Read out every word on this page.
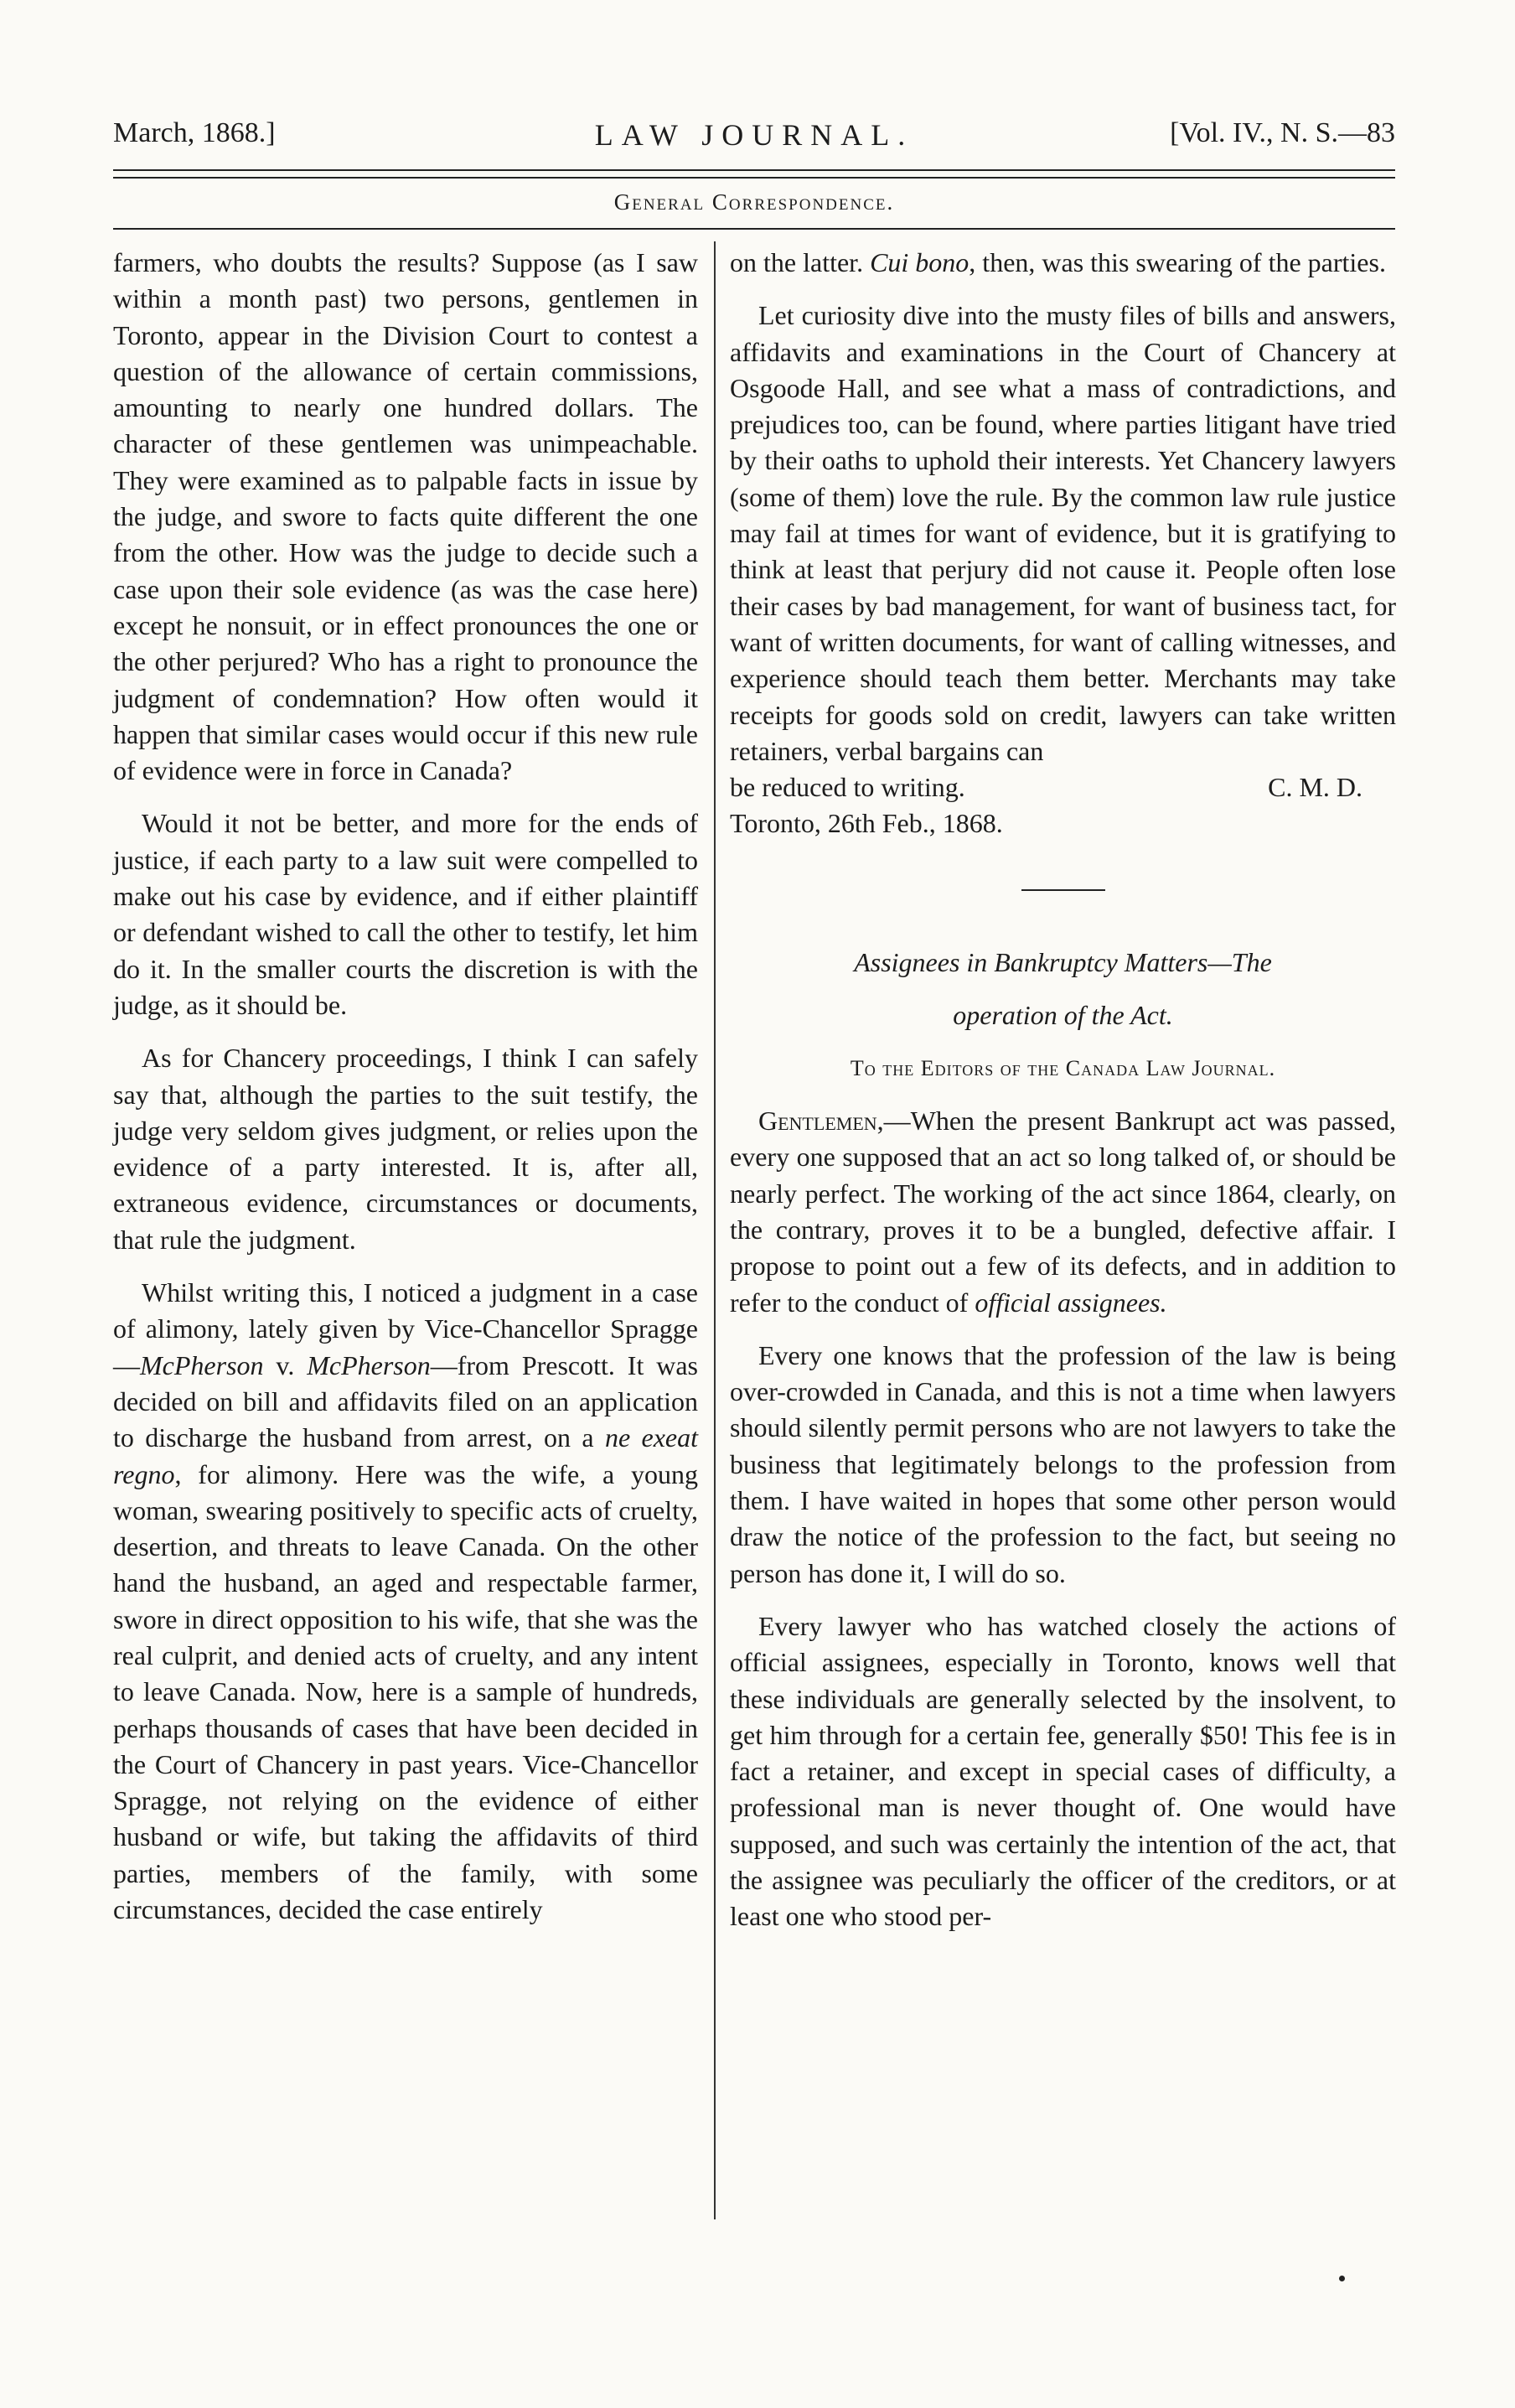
March, 1868.]	LAW JOURNAL.	[Vol. IV., N. S.—83
General Correspondence.

farmers, who doubts the results? Suppose (as I saw within a month past) two persons, gentlemen in Toronto, appear in the Division Court to contest a question of the allowance of certain commissions, amounting to nearly one hundred dollars. The character of these gentlemen was unimpeachable. They were examined as to palpable facts in issue by the judge, and swore to facts quite different the one from the other. How was the judge to decide such a case upon their sole evidence (as was the case here) except he nonsuit, or in effect pronounces the one or the other perjured? Who has a right to pronounce the judgment of condemnation? How often would it happen that similar cases would occur if this new rule of evidence were in force in Canada?

Would it not be better, and more for the ends of justice, if each party to a law suit were compelled to make out his case by evidence, and if either plaintiff or defendant wished to call the other to testify, let him do it. In the smaller courts the discretion is with the judge, as it should be.

As for Chancery proceedings, I think I can safely say that, although the parties to the suit testify, the judge very seldom gives judgment, or relies upon the evidence of a party interested. It is, after all, extraneous evidence, circumstances or documents, that rule the judgment.

Whilst writing this, I noticed a judgment in a case of alimony, lately given by Vice-Chancellor Spragge—McPherson v. McPherson—from Prescott. It was decided on bill and affidavits filed on an application to discharge the husband from arrest, on a ne exeat regno, for alimony. Here was the wife, a young woman, swearing positively to specific acts of cruelty, desertion, and threats to leave Canada. On the other hand the husband, an aged and respectable farmer, swore in direct opposition to his wife, that she was the real culprit, and denied acts of cruelty, and any intent to leave Canada. Now, here is a sample of hundreds, perhaps thousands of cases that have been decided in the Court of Chancery in past years. Vice-Chancellor Spragge, not relying on the evidence of either husband or wife, but taking the affidavits of third parties, members of the family, with some circumstances, decided the case entirely

on the latter. Cui bono, then, was this swearing of the parties.

Let curiosity dive into the musty files of bills and answers, affidavits and examinations in the Court of Chancery at Osgoode Hall, and see what a mass of contradictions, and prejudices too, can be found, where parties litigant have tried by their oaths to uphold their interests. Yet Chancery lawyers (some of them) love the rule. By the common law rule justice may fail at times for want of evidence, but it is gratifying to think at least that perjury did not cause it. People often lose their cases by bad management, for want of business tact, for want of written documents, for want of calling witnesses, and experience should teach them better. Merchants may take receipts for goods sold on credit, lawyers can take written retainers, verbal bargains can

be reduced to writing.	C. M. D.

Toronto, 26th Feb., 1868.

Assignees in Bankruptcy Matters—The

operation of the Act.

To the Editors of the Canada Law Journal.

Gentlemen,—When the present Bankrupt act was passed, every one supposed that an act so long talked of, or should be nearly perfect. The working of the act since 1864, clearly, on the contrary, proves it to be a bungled, defective affair. I propose to point out a few of its defects, and in addition to refer to the conduct of official assignees.

Every one knows that the profession of the law is being over-crowded in Canada, and this is not a time when lawyers should silently permit persons who are not lawyers to take the business that legitimately belongs to the profession from them. I have waited in hopes that some other person would draw the notice of the profession to the fact, but seeing no person has done it, I will do so.

Every lawyer who has watched closely the actions of official assignees, especially in Toronto, knows well that these individuals are generally selected by the insolvent, to get him through for a certain fee, generally $50! This fee is in fact a retainer, and except in special cases of difficulty, a professional man is never thought of. One would have supposed, and such was certainly the intention of the act, that the assignee was peculiarly the officer of the creditors, or at least one who stood per-
